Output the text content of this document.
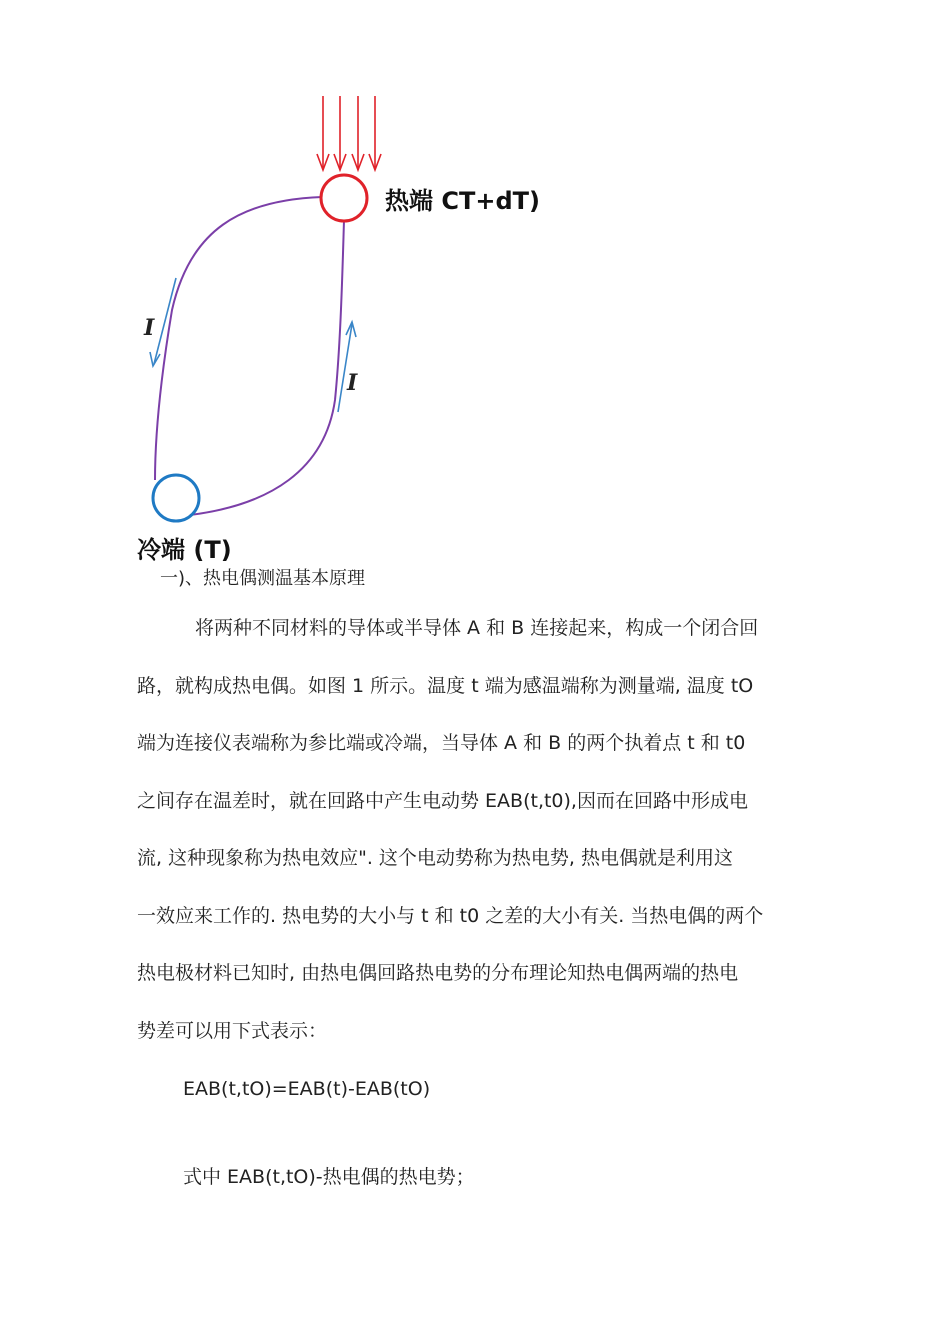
I
I
热端 CT+dT)
冷端 (T)
一)、热电偶测温基本原理
将两种不同材料的导体或半导体 A 和 B 连接起来，构成一个闭合回
路，就构成热电偶。如图 1 所示。温度 t 端为感温端称为测量端, 温度 tO
端为连接仪表端称为参比端或冷端，当导体 A 和 B 的两个执着点 t 和 t0
之间存在温差时，就在回路中产生电动势 EAB(t,t0),因而在回路中形成电
流, 这种现象称为热电效应". 这个电动势称为热电势, 热电偶就是利用这
一效应来工作的. 热电势的大小与 t 和 t0 之差的大小有关. 当热电偶的两个
热电极材料已知时, 由热电偶回路热电势的分布理论知热电偶两端的热电
势差可以用下式表示：
EAB(t,tO)=EAB(t)-EAB(tO)
式中 EAB(t,tO)-热电偶的热电势；
